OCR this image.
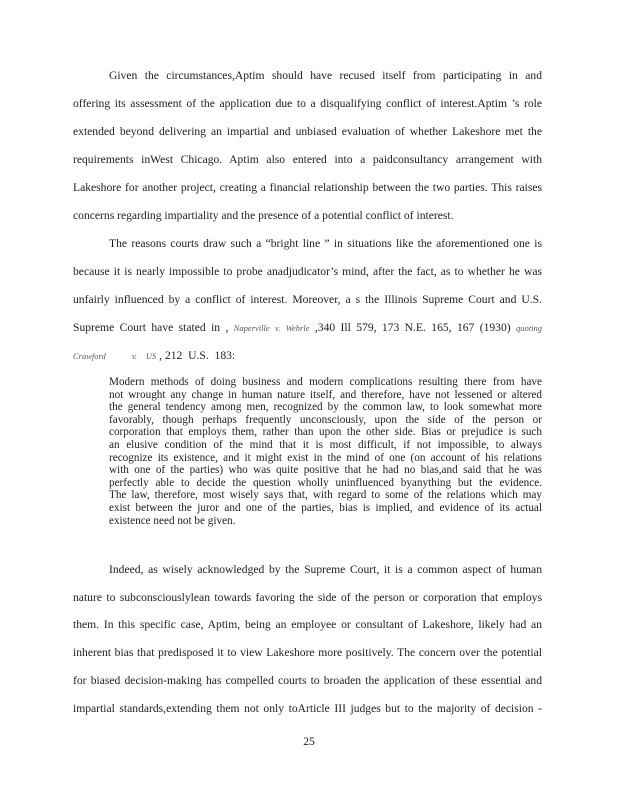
Given the circumstances,Aptim should have recused itself from participating in and
offering its assessment of the application due to a disqualifying conflict of interest.Aptim ’s role
extended beyond delivering an impartial and unbiased evaluation of whether Lakeshore met the
requirements inWest Chicago. Aptim also entered into a paidconsultancy arrangement with
Lakeshore for another project, creating a financial relationship between the two parties. This raises
concerns regarding impartiality and the presence of a potential conflict of interest.
The reasons courts draw such a “bright line ” in situations like the aforementioned one is
because it is nearly impossible to probe anadjudicator’s mind, after the fact, as to whether he was
unfairly influenced by a conflict of interest. Moreover, a s the Illinois Supreme Court and U.S.
Supreme Court have stated in , Naperville v. Wehrle ,340 Ill 579, 173 N.E. 165, 167 (1930) quoting
Crawford	v. US , 212  U.S.  183:
Modern methods of doing business and modern complications resulting there from have
not wrought any change in human nature itself, and therefore, have not lessened or altered
the general tendency among men, recognized by the common law, to look somewhat more
favorably, though perhaps frequently unconsciously, upon the side of the person or
corporation that employs them, rather than upon the other side. Bias or prejudice is such
an elusive condition of the mind that it is most difficult, if not impossible, to always
recognize its existence, and it might exist in the mind of one (on account of his relations
with one of the parties) who was quite positive that he had no bias,and said that he was
perfectly able to decide the question wholly uninfluenced byanything but the evidence.
The law, therefore, most wisely says that, with regard to some of the relations which may
exist between the juror and one of the parties, bias is implied, and evidence of its actual
existence need not be given.
Indeed, as wisely acknowledged by the Supreme Court, it is a common aspect of human
nature to subconsciouslylean towards favoring the side of the person or corporation that employs
them. In this specific case, Aptim, being an employee or consultant of Lakeshore, likely had an
inherent bias that predisposed it to view Lakeshore more positively. The concern over the potential
for biased decision-making has compelled courts to broaden the application of these essential and
impartial standards,extending them not only toArticle III judges but to the majority of decision -
25
